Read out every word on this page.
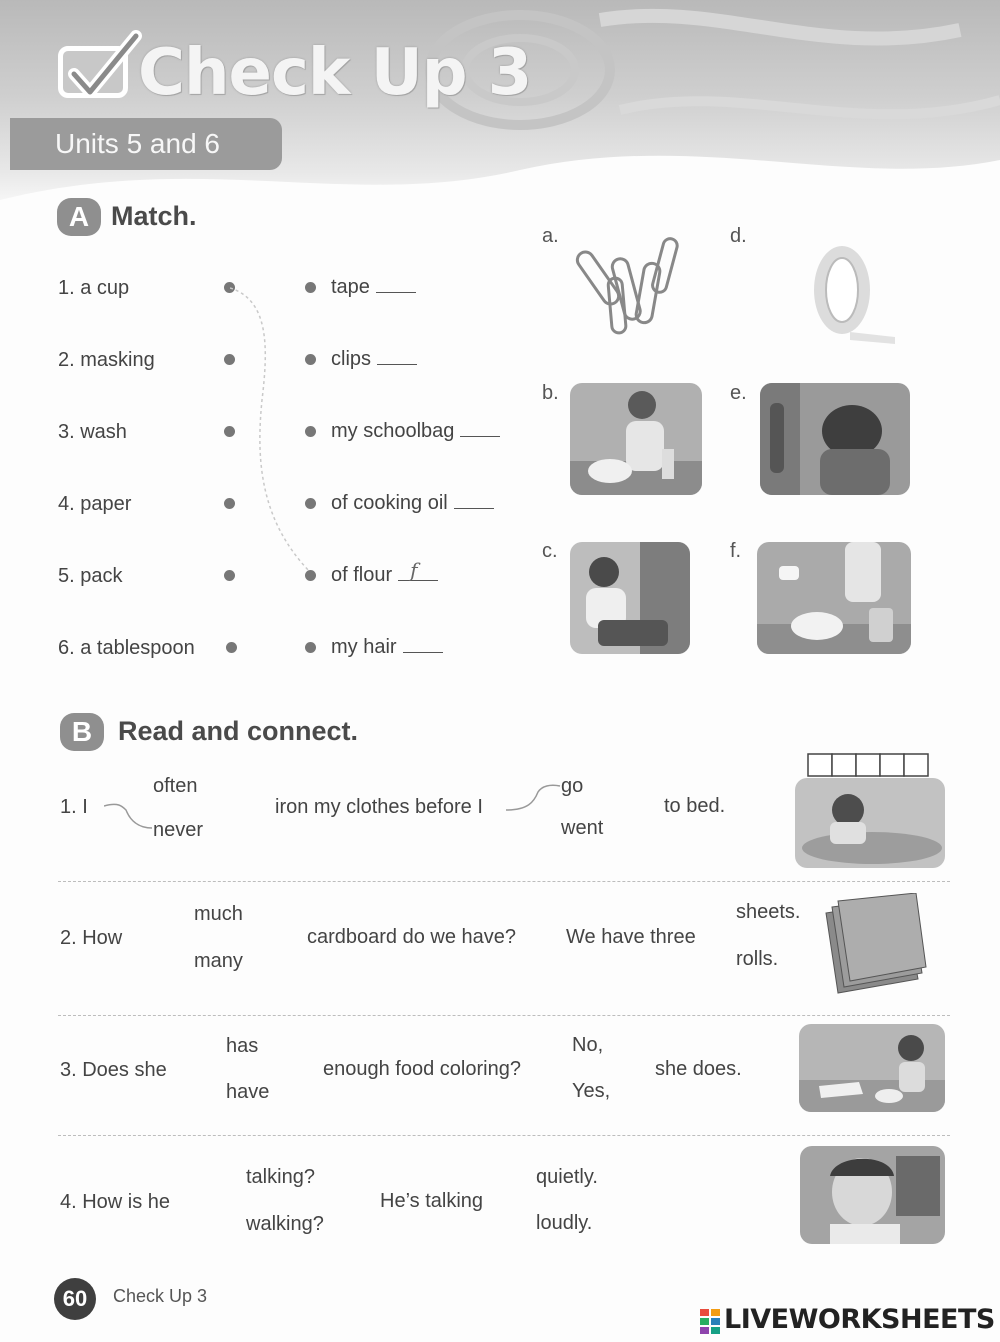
Check Up 3
Units 5 and 6
A Match.
1. a cup
2. masking
3. wash
4. paper
5. pack
6. a tablespoon
tape
clips
my schoolbag
of cooking oil
of flour f
my hair
a.
b.
c.
d.
e.
f.
B Read and connect.
1. I
often
never
iron my clothes before I
go
went
to bed.
2. How
much
many
cardboard do we have? We have three
sheets.
rolls.
3. Does she
has
have
enough food coloring?
No,
Yes,
she does.
4. How is he
talking?
walking?
He’s talking
quietly.
loudly.
60	Check Up 3
LIVEWORKSHEETS
